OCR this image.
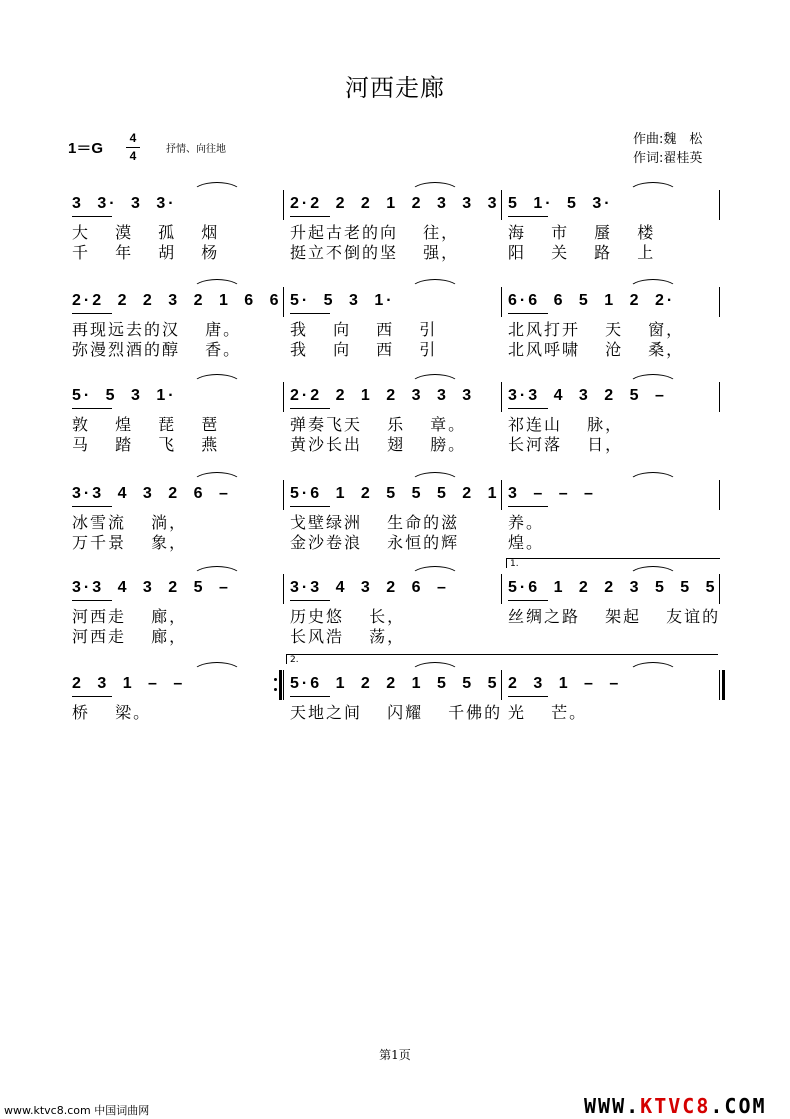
河西走廊
1＝G
4
4	抒情、向往地
作曲:魏　松
作词:翟桂英
3 3· 3 3·
大 漠 孤 烟
千 年 胡 杨
2·2 2 2 1 2 3 3 3
升起古老的向 往，
挺立不倒的坚 强，
5 1· 5 3·
海 市 蜃 楼
阳 关 路 上
2·2 2 2 3 2 1 6 6
再现远去的汉 唐。
弥漫烈酒的醇 香。
5· 5 3 1·
我 向 西 引
我 向 西 引
6·6 6 5 1 2 2·
北风打开 天 窗，
北风呼啸 沧 桑，
5· 5 3 1·
敦 煌 琵 琶
马 踏 飞 燕
2·2 2 1 2 3 3 3
弹奏飞天 乐 章。
黄沙长出 翅 膀。
3·3 4 3 2 5 –
祁连山 脉，
长河落 日，
3·3 4 3 2 6 –
冰雪流 淌，
万千景 象，
5·6 1 2 5 5 5 2 1
戈壁绿洲 生命的滋
金沙卷浪 永恒的辉
3 – – –
养。
煌。
1.
3·3 4 3 2 5 –
河西走 廊，
河西走 廊，
3·3 4 3 2 6 –
历史悠 长，
长风浩 荡，
5·6 1 2 2 3 5 5 5
丝绸之路 架起 友谊的
2.
2 3 1 – –
桥 梁。
5·6 1 2 2 1 5 5 5
天地之间 闪耀 千佛的
2 3 1 – –
光 芒。
第1页
www.ktvc8.com 中国词曲网	WWW.KTVC8.COM
